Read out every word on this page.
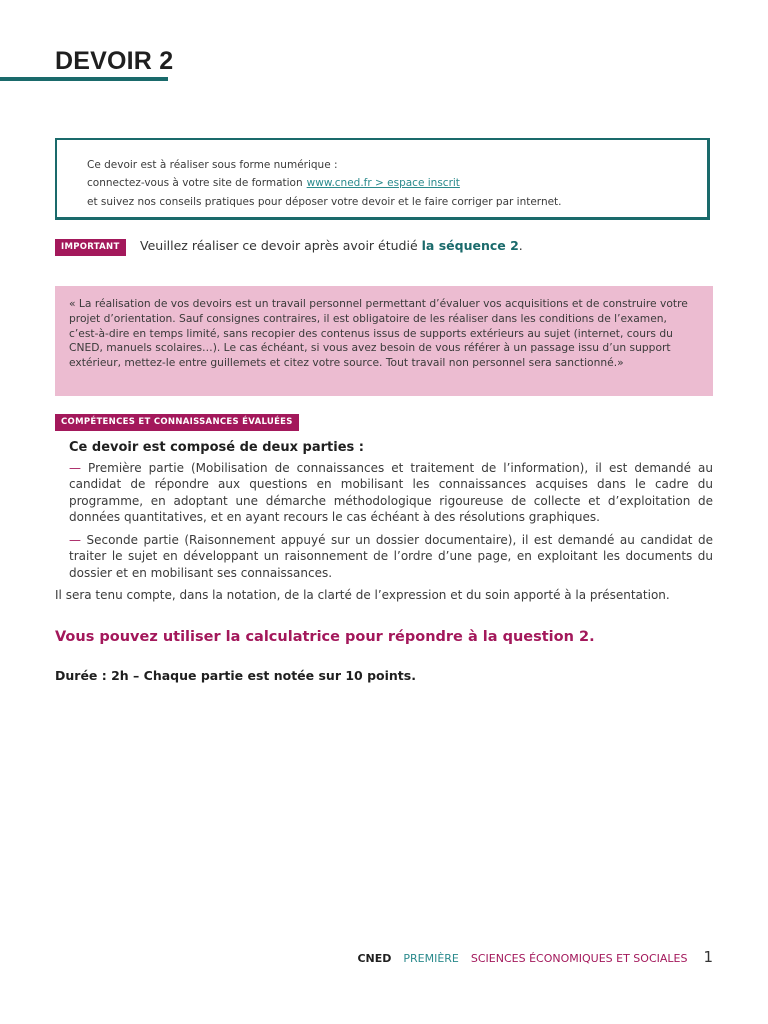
DEVOIR 2

Ce devoir est à réaliser sous forme numérique :

connectez-vous à votre site de formation www.cned.fr > espace inscrit

et suivez nos conseils pratiques pour déposer votre devoir et le faire corriger par internet.

IMPORTANT	Veuillez réaliser ce devoir après avoir étudié la séquence 2.
« La réalisation de vos devoirs est un travail personnel permettant d’évaluer vos acquisitions et de construire votre projet d’orientation. Sauf consignes contraires, il est obligatoire de les réaliser dans les conditions de l’examen, c’est-à-dire en temps limité, sans recopier des contenus issus de supports extérieurs au sujet (internet, cours du CNED, manuels scolaires…). Le cas échéant, si vous avez besoin de vous référer à un passage issu d’un support extérieur, mettez-le entre guillemets et citez votre source. Tout travail non personnel sera sanctionné.»
COMPÉTENCES ET CONNAISSANCES ÉVALUÉES

Ce devoir est composé de deux parties :

— Première partie (Mobilisation de connaissances et traitement de l’information), il est demandé au candidat de répondre aux questions en mobilisant les connaissances acquises dans le cadre du programme, en adoptant une démarche méthodologique rigoureuse de collecte et d’exploitation de données quantitatives, et en ayant recours le cas échéant à des résolutions graphiques.

— Seconde partie (Raisonnement appuyé sur un dossier documentaire), il est demandé au candidat de traiter le sujet en développant un raisonnement de l’ordre d’une page, en exploitant les documents du dossier et en mobilisant ses connaissances.

Il sera tenu compte, dans la notation, de la clarté de l’expression et du soin apporté à la présentation.

Vous pouvez utiliser la calculatrice pour répondre à la question 2.

Durée : 2h – Chaque partie est notée sur 10 points.

CNED PREMIÈRE SCIENCES ÉCONOMIQUES ET SOCIALES 1
